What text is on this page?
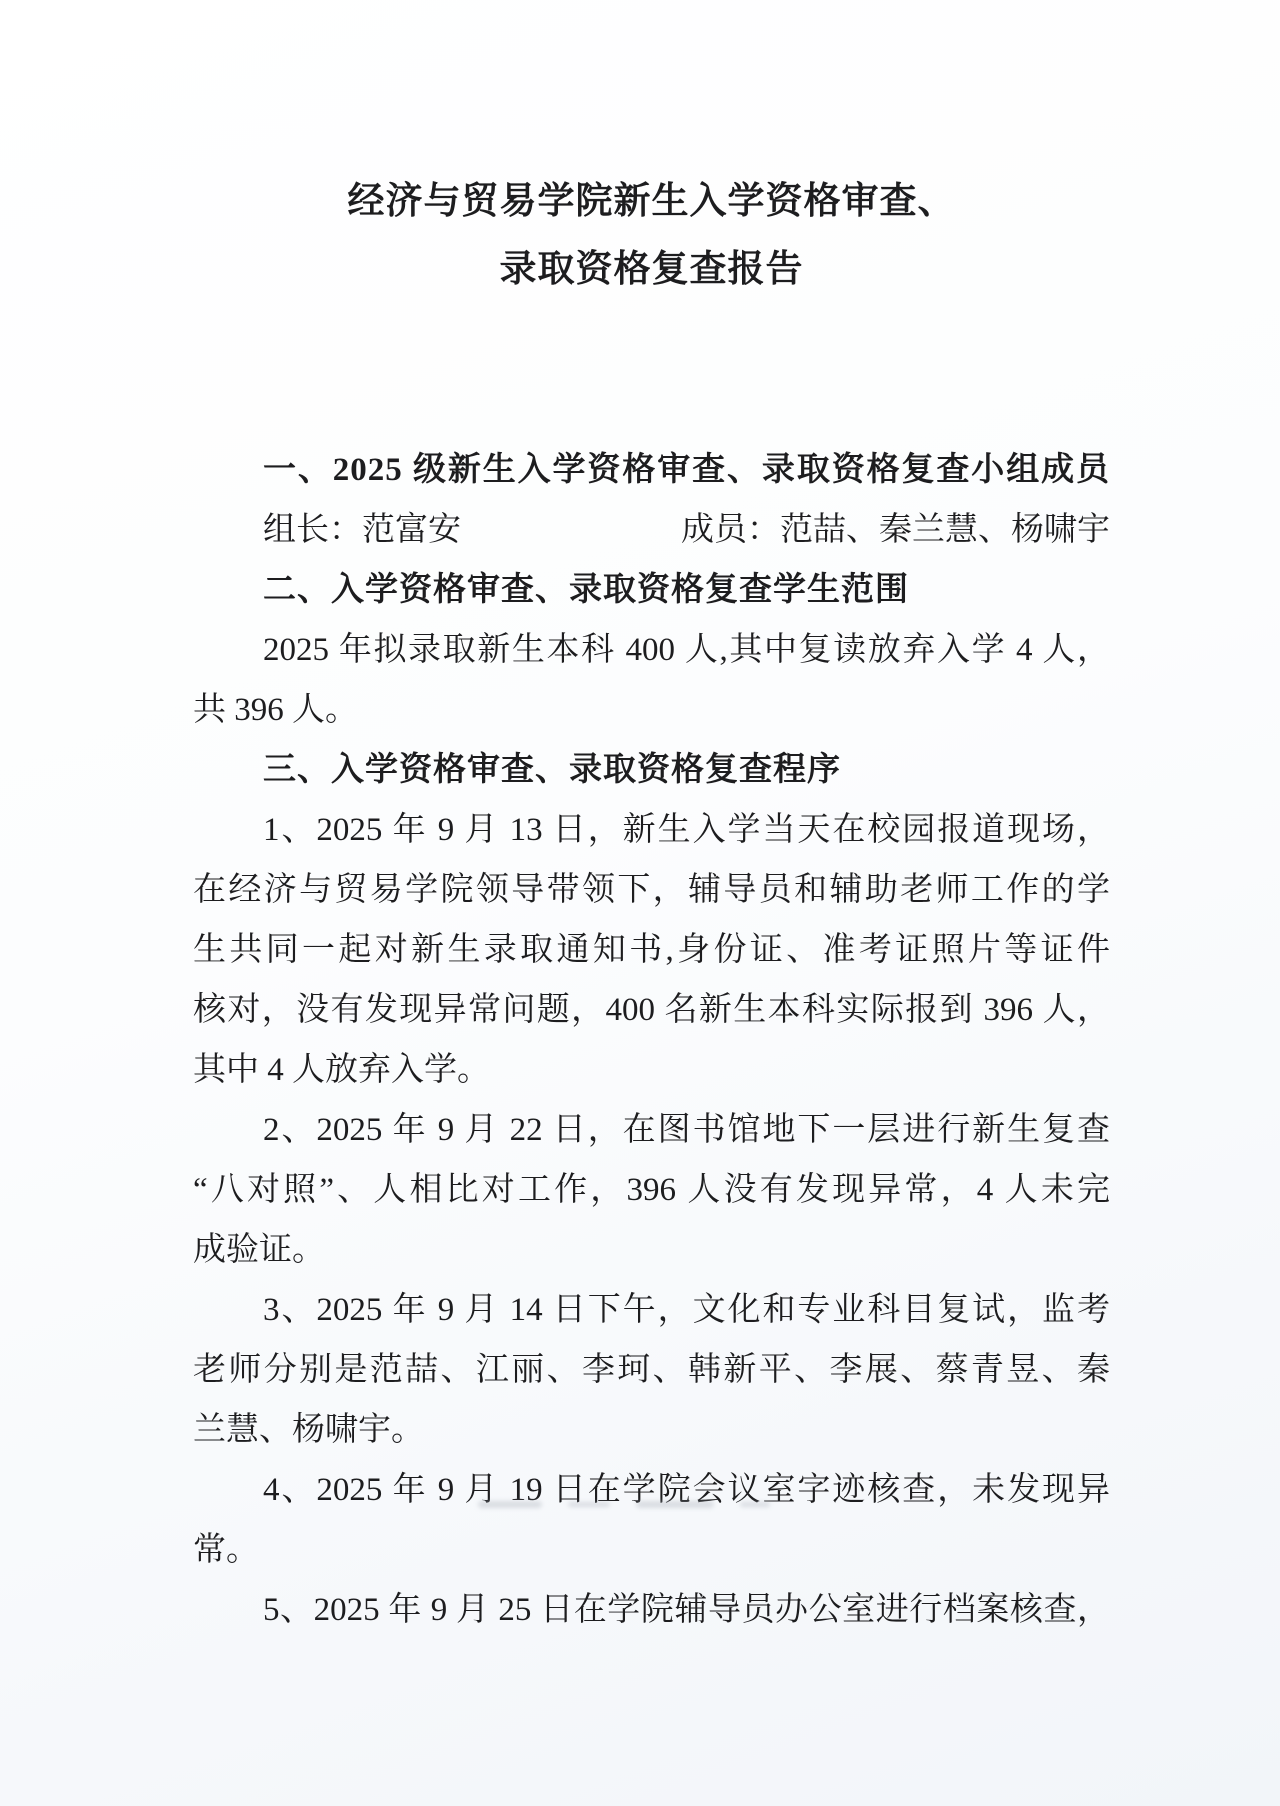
经济与贸易学院新生入学资格审查、
录取资格复查报告
一、2025 级新生入学资格审查、录取资格复查小组成员
组长：范富安	成员：范喆、秦兰慧、杨啸宇
二、入学资格审查、录取资格复查学生范围
2025 年拟录取新生本科 400 人,其中复读放弃入学 4 人，
共 396 人。
三、入学资格审查、录取资格复查程序
1、2025 年 9 月 13 日，新生入学当天在校园报道现场，
在经济与贸易学院领导带领下，辅导员和辅助老师工作的学
生共同一起对新生录取通知书,身份证、准考证照片等证件
核对，没有发现异常问题，400 名新生本科实际报到 396 人，
其中 4 人放弃入学。
2、2025 年 9 月 22 日，在图书馆地下一层进行新生复查
“八对照”、人相比对工作，396 人没有发现异常，4 人未完
成验证。
3、2025 年 9 月 14 日下午，文化和专业科目复试，监考
老师分别是范喆、江丽、李珂、韩新平、李展、蔡青昱、秦
兰慧、杨啸宇。
4、2025 年 9 月 19 日在学院会议室字迹核查，未发现异
常。
5、2025 年 9 月 25 日在学院辅导员办公室进行档案核查，
